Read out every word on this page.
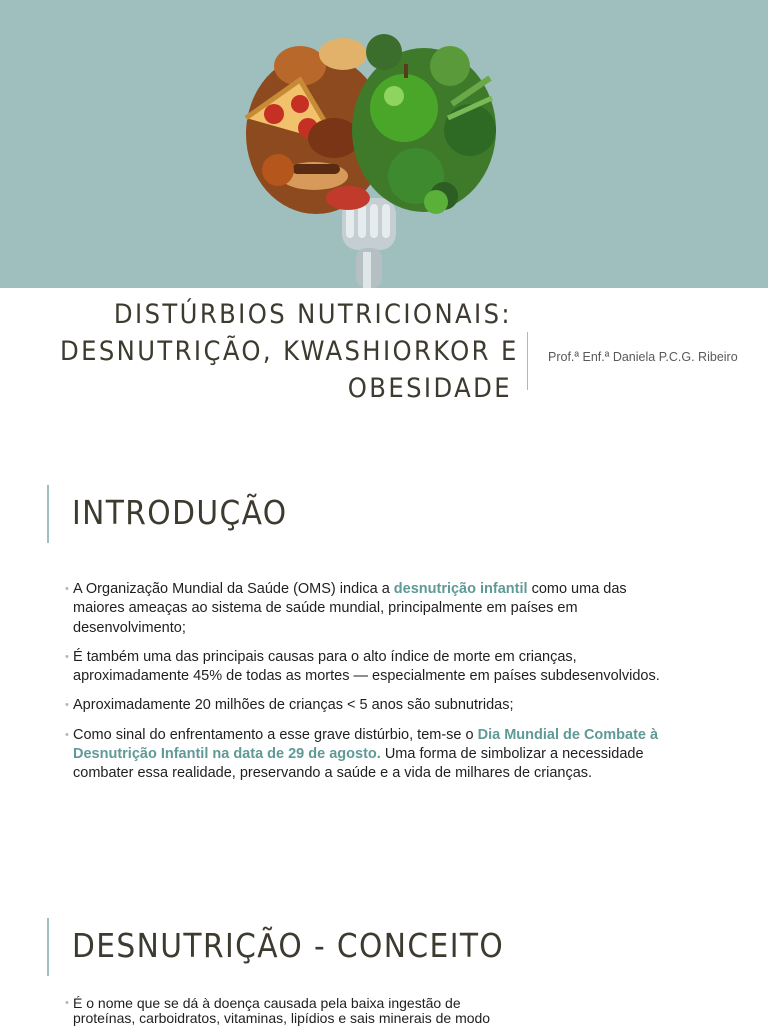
DISTÚRBIOS NUTRICIONAIS:
DESNUTRIÇÃO, KWASHIORKOR E
OBESIDADE
Prof.ª Enf.ª Daniela P.C.G. Ribeiro
INTRODUÇÃO
• A Organização Mundial da Saúde (OMS) indica a desnutrição infantil como uma das maiores ameaças ao sistema de saúde mundial, principalmente em países em desenvolvimento;
• É também uma das principais causas para o alto índice de morte em crianças, aproximadamente 45% de todas as mortes — especialmente em países subdesenvolvidos.
• Aproximadamente 20 milhões de crianças < 5 anos são subnutridas;
• Como sinal do enfrentamento a esse grave distúrbio, tem-se o Dia Mundial de Combate à Desnutrição Infantil na data de 29 de agosto. Uma forma de simbolizar a necessidade combater essa realidade, preservando a saúde e a vida de milhares de crianças.
DESNUTRIÇÃO - CONCEITO
• É o nome que se dá à doença causada pela baixa ingestão de
proteínas, carboidratos, vitaminas, lipídios e sais minerais de modo
